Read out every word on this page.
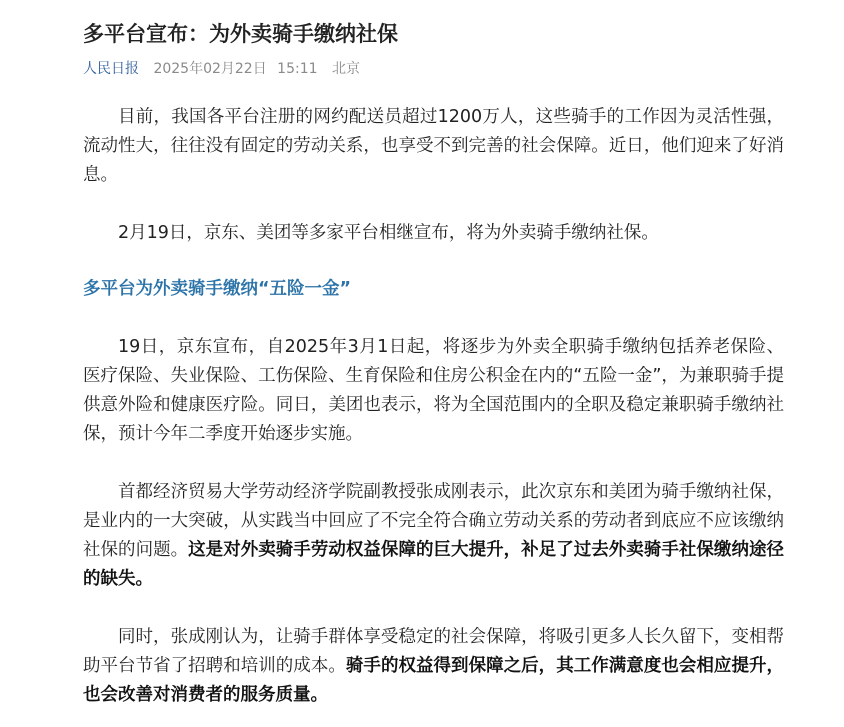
多平台宣布：为外卖骑手缴纳社保
人民日报 2025年02月22日 15:11 北京

目前，我国各平台注册的网约配送员超过1200万人，这些骑手的工作因为灵活性强，流动性大，往往没有固定的劳动关系，也享受不到完善的社会保障。近日，他们迎来了好消息。

2月19日，京东、美团等多家平台相继宣布，将为外卖骑手缴纳社保。

多平台为外卖骑手缴纳“五险一金”

19日，京东宣布，自2025年3月1日起，将逐步为外卖全职骑手缴纳包括养老保险、医疗保险、失业保险、工伤保险、生育保险和住房公积金在内的“五险一金”，为兼职骑手提供意外险和健康医疗险。同日，美团也表示，将为全国范围内的全职及稳定兼职骑手缴纳社保，预计今年二季度开始逐步实施。

首都经济贸易大学劳动经济学院副教授张成刚表示，此次京东和美团为骑手缴纳社保，是业内的一大突破，从实践当中回应了不完全符合确立劳动关系的劳动者到底应不应该缴纳社保的问题。这是对外卖骑手劳动权益保障的巨大提升，补足了过去外卖骑手社保缴纳途径的缺失。

同时，张成刚认为，让骑手群体享受稳定的社会保障，将吸引更多人长久留下，变相帮助平台节省了招聘和培训的成本。骑手的权益得到保障之后，其工作满意度也会相应提升，也会改善对消费者的服务质量。
